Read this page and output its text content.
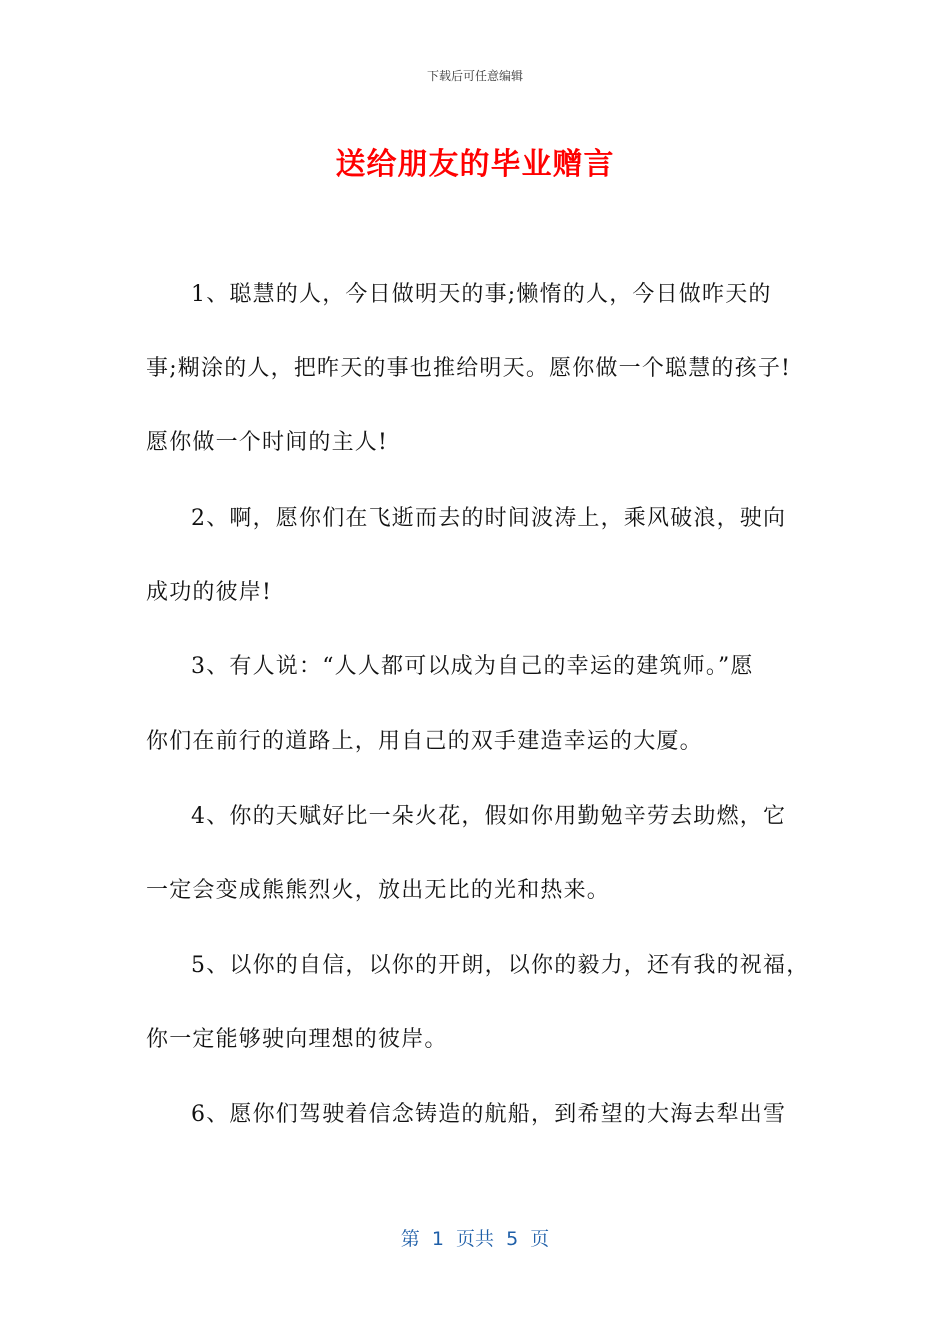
下载后可任意编辑
送给朋友的毕业赠言
1、聪慧的人，今日做明天的事;懒惰的人，今日做昨天的
事;糊涂的人，把昨天的事也推给明天。愿你做一个聪慧的孩子!
愿你做一个时间的主人!
2、啊，愿你们在飞逝而去的时间波涛上，乘风破浪，驶向
成功的彼岸!
3、有人说：“人人都可以成为自己的幸运的建筑师。”愿
你们在前行的道路上，用自己的双手建造幸运的大厦。
4、你的天赋好比一朵火花，假如你用勤勉辛劳去助燃，它
一定会变成熊熊烈火，放出无比的光和热来。
5、以你的自信，以你的开朗，以你的毅力，还有我的祝福，
你一定能够驶向理想的彼岸。
6、愿你们驾驶着信念铸造的航船，到希望的大海去犁出雪
第  1  页共  5  页
